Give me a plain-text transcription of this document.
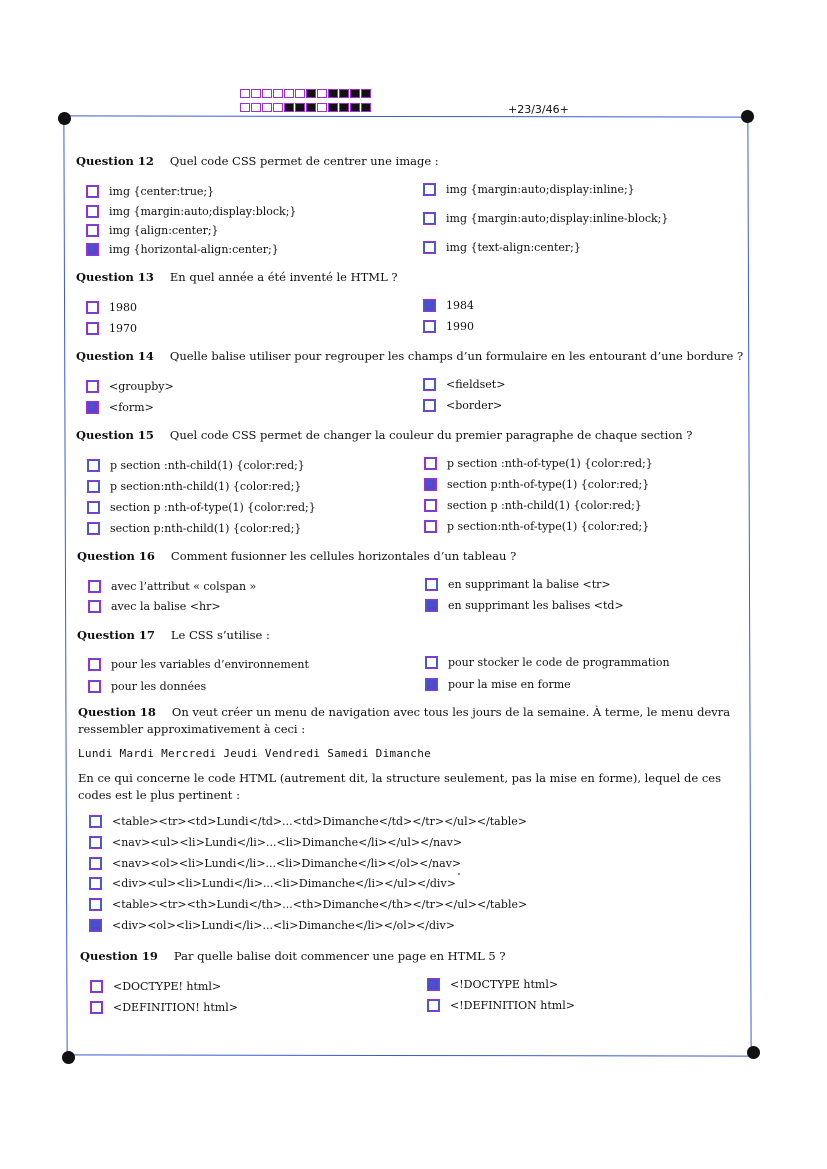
+23/3/46+
Question 12 Quel code CSS permet de centrer une image :
img {center:true;}
img {margin:auto;display:block;}
img {align:center;}
img {horizontal-align:center;}
img {margin:auto;display:inline;}
img {margin:auto;display:inline-block;}
img {text-align:center;}
Question 13 En quel année a été inventé le HTML ?
1980
1970
1984
1990
Question 14 Quelle balise utiliser pour regrouper les champs d’un formulaire en les entourant d’une bordure ?
<groupby>
<form>
<fieldset>
<border>
Question 15 Quel code CSS permet de changer la couleur du premier paragraphe de chaque section ?
p section :nth-child(1) {color:red;}
p section:nth-child(1) {color:red;}
section p :nth-of-type(1) {color:red;}
section p:nth-child(1) {color:red;}
p section :nth-of-type(1) {color:red;}
section p:nth-of-type(1) {color:red;}
section p :nth-child(1) {color:red;}
p section:nth-of-type(1) {color:red;}
Question 16 Comment fusionner les cellules horizontales d’un tableau ?
avec l’attribut « colspan »
avec la balise <hr>
en supprimant la balise <tr>
en supprimant les balises <td>
Question 17 Le CSS s’utilise :
pour les variables d’environnement
pour les données
pour stocker le code de programmation
pour la mise en forme
Question 18 On veut créer un menu de navigation avec tous les jours de la semaine. À terme, le menu devra ressembler approximativement à ceci :
Lundi Mardi Mercredi Jeudi Vendredi Samedi Dimanche
En ce qui concerne le code HTML (autrement dit, la structure seulement, pas la mise en forme), lequel de ces codes est le plus pertinent :
<table><tr><td>Lundi</td>...<td>Dimanche</td></tr></ul></table>
<nav><ul><li>Lundi</li>...<li>Dimanche</li></ul></nav>
<nav><ol><li>Lundi</li>...<li>Dimanche</li></ol></nav>
<div><ul><li>Lundi</li>...<li>Dimanche</li></ul></div>
<table><tr><th>Lundi</th>...<th>Dimanche</th></tr></ul></table>
<div><ol><li>Lundi</li>...<li>Dimanche</li></ol></div>
Question 19 Par quelle balise doit commencer une page en HTML 5 ?
<DOCTYPE! html>
<DEFINITION! html>
<!DOCTYPE html>
<!DEFINITION html>
